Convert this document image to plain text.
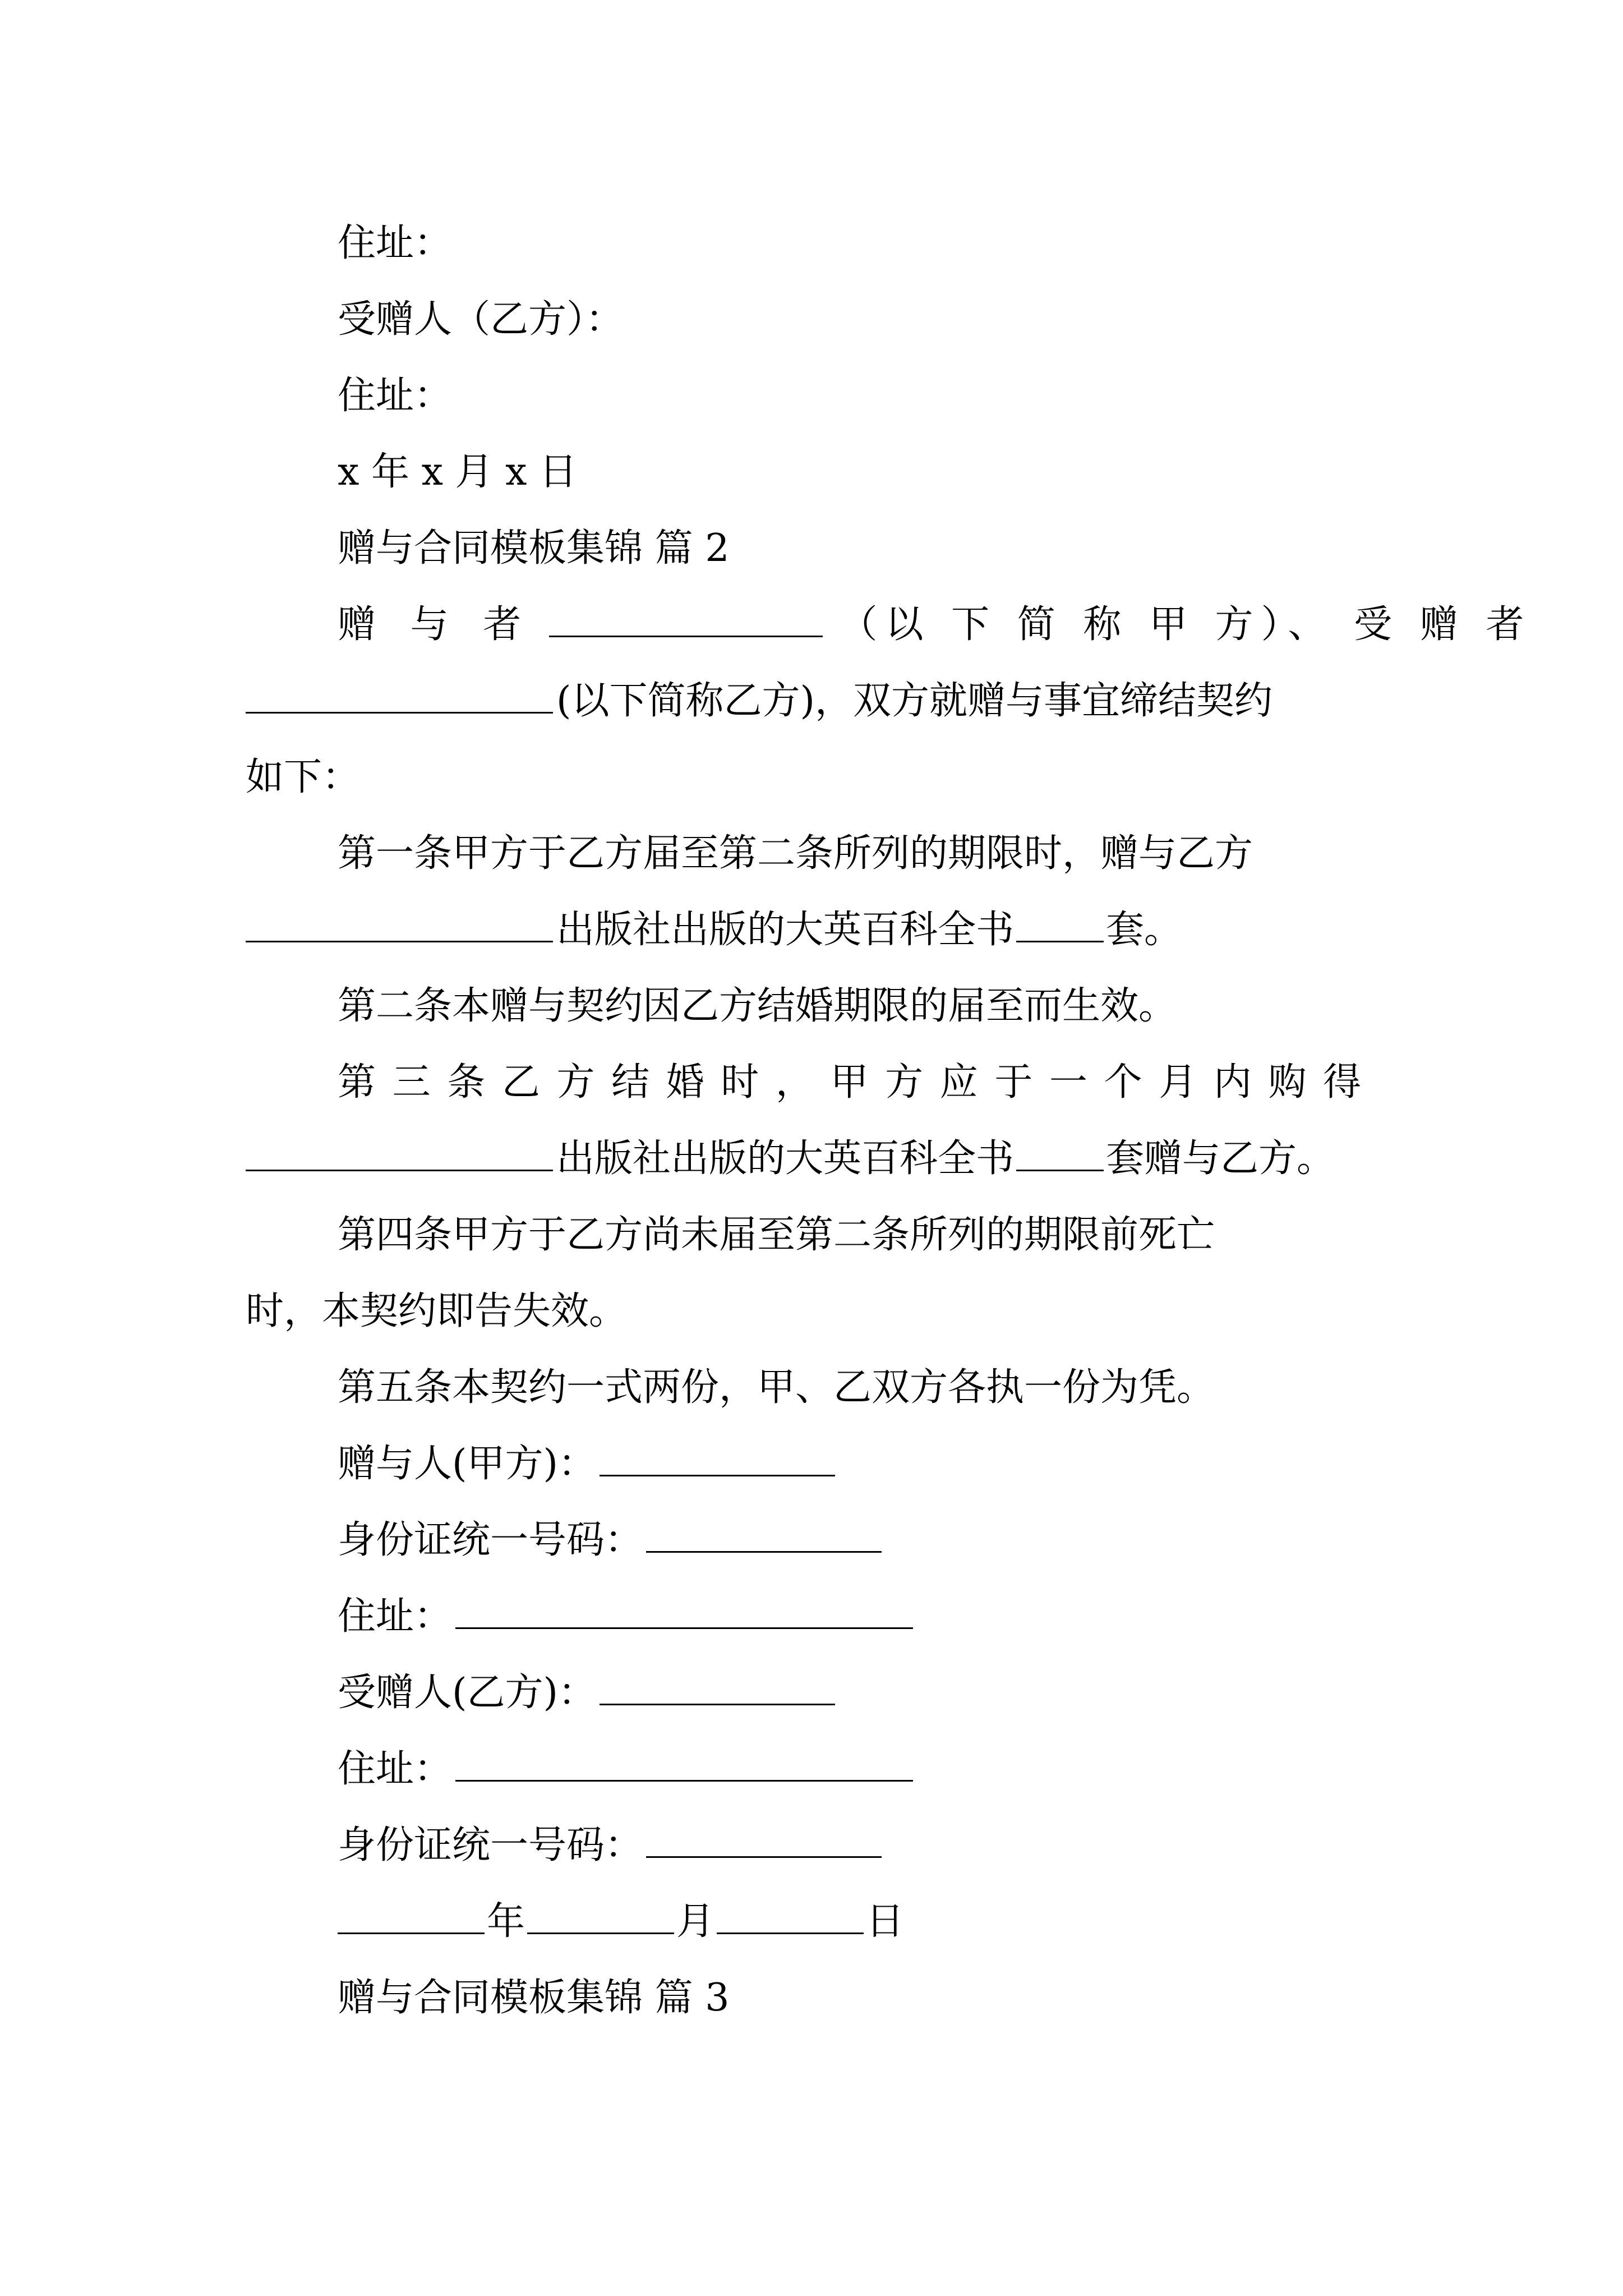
住址：
受赠人（乙方）：
住址：
x 年 x 月 x 日
赠与合同模板集锦 篇 2
赠 与 者	（以 下 简 称 甲 方）、 受 赠 者
(以下简称乙方)，双方就赠与事宜缔结契约
如下：
第一条甲方于乙方届至第二条所列的期限时，赠与乙方
出版社出版的大英百科全书 套。
第二条本赠与契约因乙方结婚期限的届至而生效。
第 三 条 乙 方 结 婚 时 ， 甲 方 应 于 一 个 月 内 购 得
出版社出版的大英百科全书 套赠与乙方。
第四条甲方于乙方尚未届至第二条所列的期限前死亡
时，本契约即告失效。
第五条本契约一式两份，甲、乙双方各执一份为凭。
赠与人(甲方)：
身份证统一号码：
住址：
受赠人(乙方)：
住址：
身份证统一号码：
年	月	日
赠与合同模板集锦 篇 3
